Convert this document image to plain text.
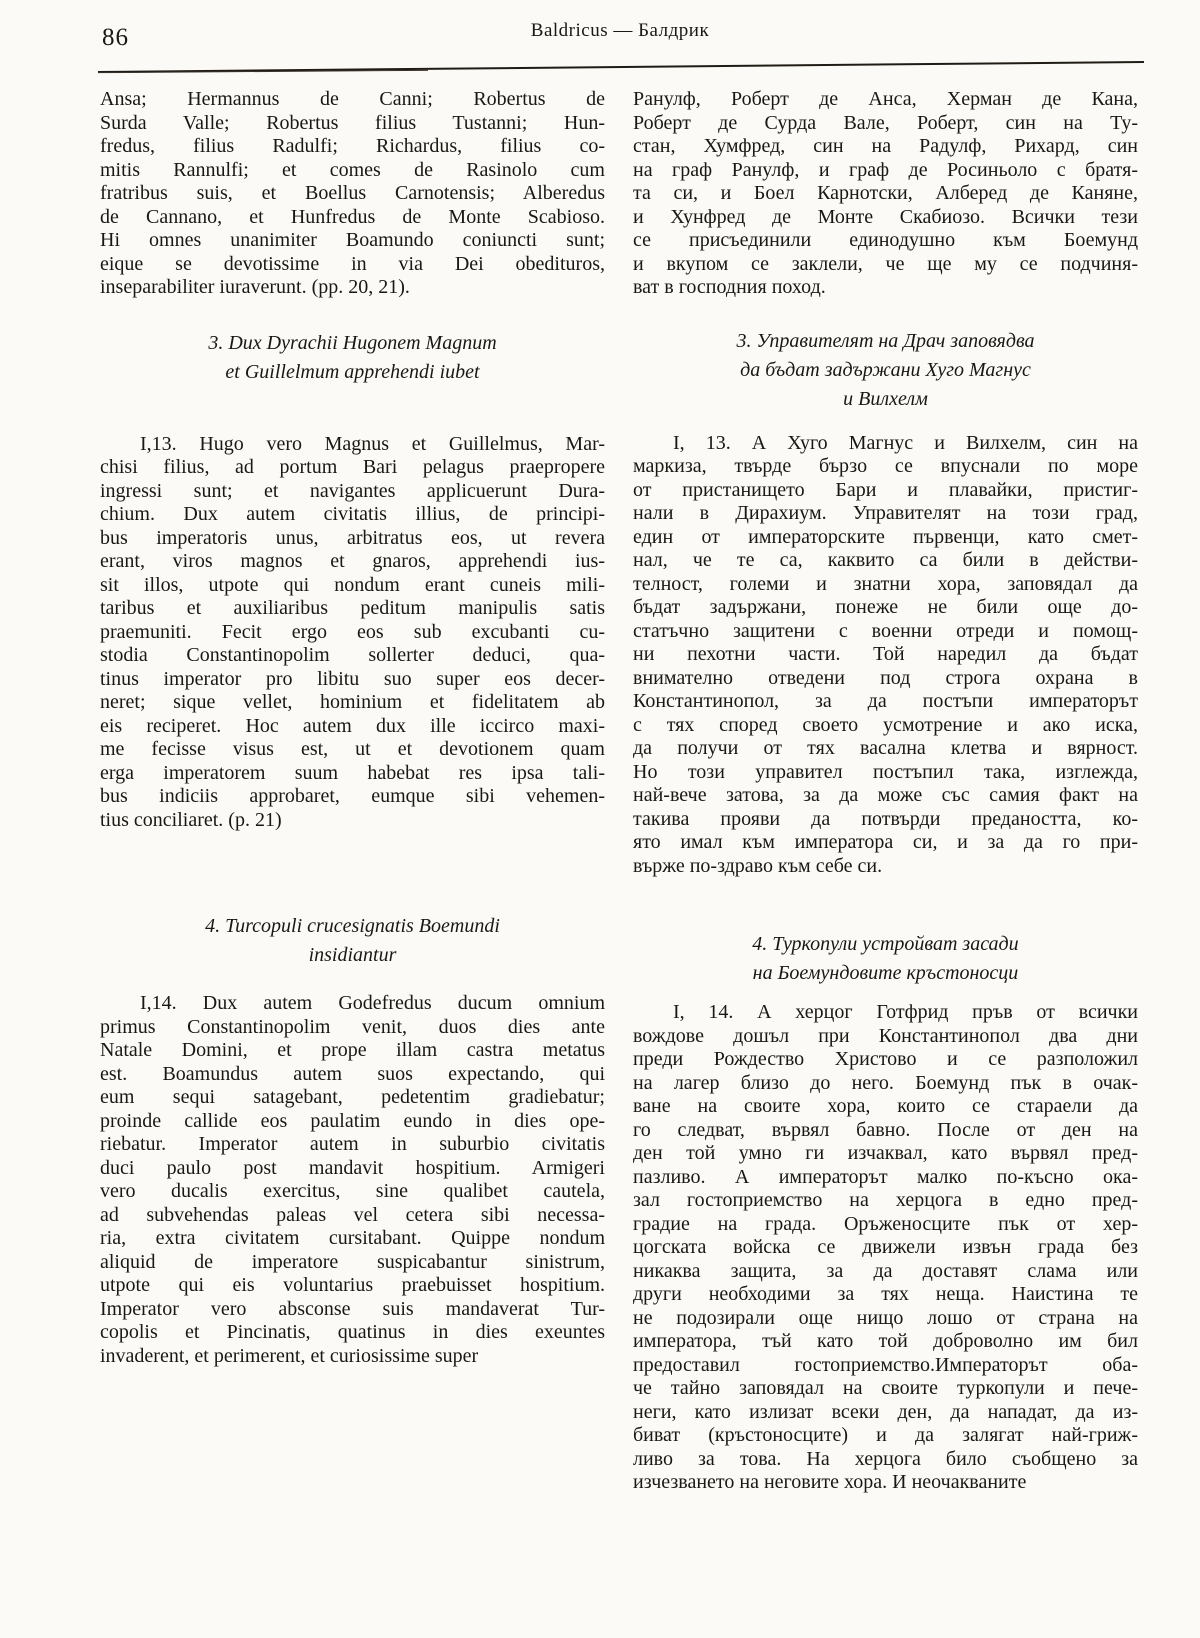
86	Baldricus — Балдрик
Ansa; Hermannus de Canni; Robertus de
Surda Valle; Robertus filius Tustanni; Hun-
fredus, filius Radulfi; Richardus, filius co-
mitis Rannulfi; et comes de Rasinolo cum
fratribus suis, et Boellus Carnotensis; Alberedus
de Cannano, et Hunfredus de Monte Scabioso.
Hi omnes unanimiter Boamundo coniuncti sunt;
eique se devotissime in via Dei obedituros,
inseparabiliter iuraverunt. (pp. 20, 21).
3. Dux Dyrachii Hugonem Magnum
et Guillelmum apprehendi iubet
I,13. Hugo vero Magnus et Guillelmus, Mar-
chisi filius, ad portum Bari pelagus praepropere
ingressi sunt; et navigantes applicuerunt Dura-
chium. Dux autem civitatis illius, de principi-
bus imperatoris unus, arbitratus eos, ut revera
erant, viros magnos et gnaros, apprehendi ius-
sit illos, utpote qui nondum erant cuneis mili-
taribus et auxiliaribus peditum manipulis satis
praemuniti. Fecit ergo eos sub excubanti cu-
stodia Constantinopolim sollerter deduci, qua-
tinus imperator pro libitu suo super eos decer-
neret; sique vellet, hominium et fidelitatem ab
eis reciperet. Hoc autem dux ille iccirco maxi-
me fecisse visus est, ut et devotionem quam
erga imperatorem suum habebat res ipsa tali-
bus indiciis approbaret, eumque sibi vehemen-
tius conciliaret. (p. 21)
4. Turcopuli crucesignatis Boemundi
insidiantur
I,14. Dux autem Godefredus ducum omnium
primus Constantinopolim venit, duos dies ante
Natale Domini, et prope illam castra metatus
est. Boamundus autem suos expectando, qui
eum sequi satagebant, pedetentim gradiebatur;
proinde callide eos paulatim eundo in dies ope-
riebatur. Imperator autem in suburbio civitatis
duci paulo post mandavit hospitium. Armigeri
vero ducalis exercitus, sine qualibet cautela,
ad subvehendas paleas vel cetera sibi necessa-
ria, extra civitatem cursitabant. Quippe nondum
aliquid de imperatore suspicabantur sinistrum,
utpote qui eis voluntarius praebuisset hospitium.
Imperator vero absconse suis mandaverat Tur-
copolis et Pincinatis, quatinus in dies exeuntes
invaderent, et perimerent, et curiosissime super
Ранулф, Роберт де Анса, Херман де Кана,
Роберт де Сурда Вале, Роберт, син на Ту-
стан, Хумфред, син на Радулф, Рихард, син
на граф Ранулф, и граф де Росиньоло с братя-
та си, и Боел Карнотски, Алберед де Каняне,
и Хунфред де Монте Скабиозо. Всички тези
се присъединили единодушно към Боемунд
и вкупом се заклели, че ще му се подчиня-
ват в господния поход.
3. Управителят на Драч заповядва
да бъдат задържани Хуго Магнус
и Вилхелм
I, 13. А Хуго Магнус и Вилхелм, син на
маркиза, твърде бързо се впуснали по море
от пристанището Бари и плавайки, пристиг-
нали в Дирахиум. Управителят на този град,
един от императорските първенци, като смет-
нал, че те са, каквито са били в действи-
телност, големи и знатни хора, заповядал да
бъдат задържани, понеже не били още до-
статъчно защитени с военни отреди и помощ-
ни пехотни части. Той наредил да бъдат
внимателно отведени под строга охрана в
Константинопол, за да постъпи императорът
с тях според своето усмотрение и ако иска,
да получи от тях васална клетва и вярност.
Но този управител постъпил така, изглежда,
най-вече затова, за да може със самия факт на
такива прояви да потвърди предаността, ко-
ято имал към императора си, и за да го при-
върже по-здраво към себе си.
4. Туркопули устройват засади
на Боемундовите кръстоносци
I, 14. А херцог Готфрид пръв от всички
вождове дошъл при Константинопол два дни
преди Рождество Христово и се разположил
на лагер близо до него. Боемунд пък в очак-
ване на своите хора, които се стараели да
го следват, вървял бавно. После от ден на
ден той умно ги изчаквал, като вървял пред-
пазливо. А императорът малко по-късно ока-
зал гостоприемство на херцога в едно пред-
градие на града. Оръженосците пък от хер-
цогската войска се движели извън града без
никаква защита, за да доставят слама или
други необходими за тях неща. Наистина те
не подозирали още нищо лошо от страна на
императора, тъй като той доброволно им бил
предоставил гостоприемство.Императорът оба-
че тайно заповядал на своите туркопули и пече-
неги, като излизат всеки ден, да нападат, да из-
биват (кръстоносците) и да залягат най-гриж-
ливо за това. На херцога било съобщено за
изчезването на неговите хора. И неочакваните
